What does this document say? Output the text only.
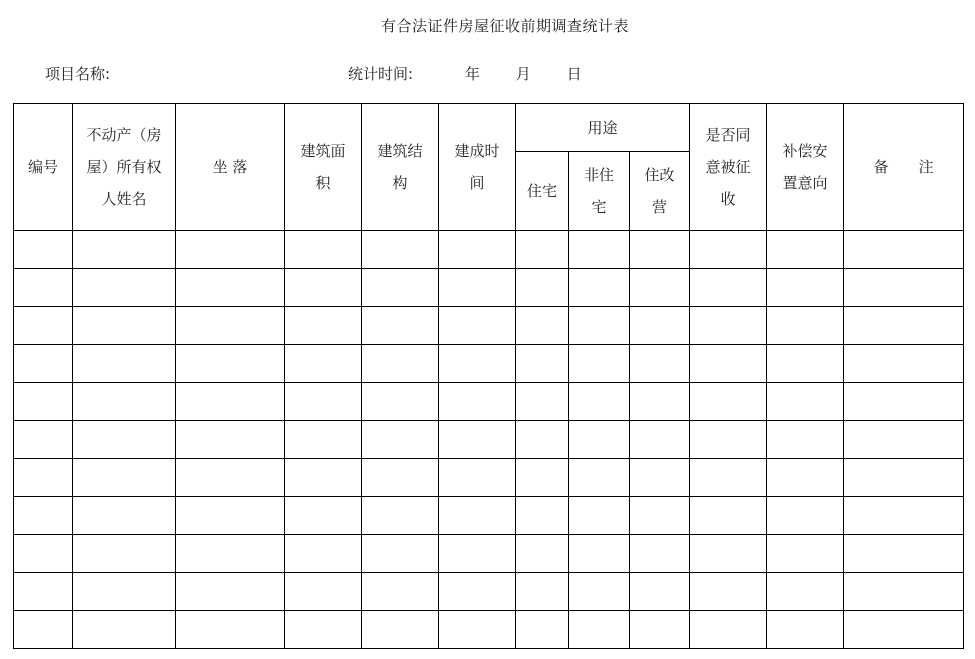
有合法证件房屋征收前期调查统计表
项目名称:	统计时间:	年 月 日
编号	不动产（房屋）所有权人姓名	坐 落	建筑面积	建筑结构	建成时间	用途			是否同意被征收	补偿安置意向	备　　注

						住宅	非住宅	住改营			
